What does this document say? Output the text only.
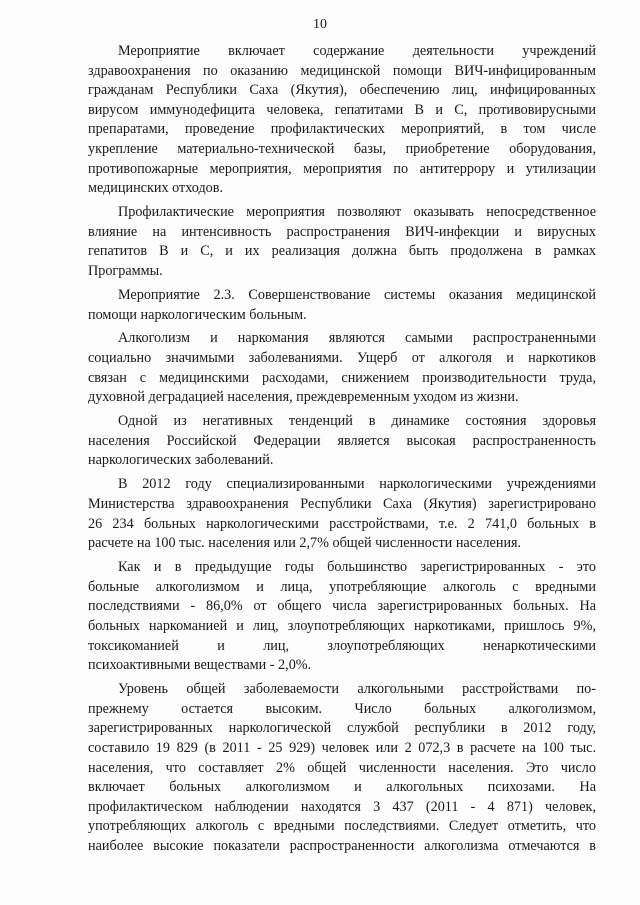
10
Мероприятие включает содержание деятельности учреждений
здравоохранения по оказанию медицинской помощи ВИЧ-инфицированным
гражданам Республики Саха (Якутия), обеспечению лиц, инфицированных
вирусом иммунодефицита человека, гепатитами B и C, противовирусными
препаратами, проведение профилактических мероприятий, в том числе
укрепление материально-технической базы, приобретение оборудования,
противопожарные мероприятия, мероприятия по антитеррору и утилизации
медицинских отходов.
Профилактические мероприятия позволяют оказывать непосредственное
влияние на интенсивность распространения ВИЧ-инфекции и вирусных
гепатитов B и C, и их реализация должна быть продолжена в рамках
Программы.
Мероприятие 2.3. Совершенствование системы оказания медицинской
помощи наркологическим больным.
Алкоголизм и наркомания являются самыми распространенными
социально значимыми заболеваниями. Ущерб от алкоголя и наркотиков
связан с медицинскими расходами, снижением производительности труда,
духовной деградацией населения, преждевременным уходом из жизни.
Одной из негативных тенденций в динамике состояния здоровья
населения Российской Федерации является высокая распространенность
наркологических заболеваний.
В 2012 году специализированными наркологическими учреждениями
Министерства здравоохранения Республики Саха (Якутия) зарегистрировано
26 234 больных наркологическими расстройствами, т.е. 2 741,0 больных в
расчете на 100 тыс. населения или 2,7% общей численности населения.
Как и в предыдущие годы большинство зарегистрированных - это
больные алкоголизмом и лица, употребляющие алкоголь с вредными
последствиями - 86,0% от общего числа зарегистрированных больных. На
больных наркоманией и лиц, злоупотребляющих наркотиками, пришлось 9%,
токсикоманией и лиц, злоупотребляющих ненаркотическими
психоактивными веществами - 2,0%.
Уровень общей заболеваемости алкогольными расстройствами по-
прежнему остается высоким. Число больных алкоголизмом,
зарегистрированных наркологической службой республики в 2012 году,
составило 19 829 (в 2011 - 25 929) человек или 2 072,3 в расчете на 100 тыс.
населения, что составляет 2% общей численности населения. Это число
включает больных алкоголизмом и алкогольных психозами. На
профилактическом наблюдении находятся 3 437 (2011 - 4 871) человек,
употребляющих алкоголь с вредными последствиями. Следует отметить, что
наиболее высокие показатели распространенности алкоголизма отмечаются в
